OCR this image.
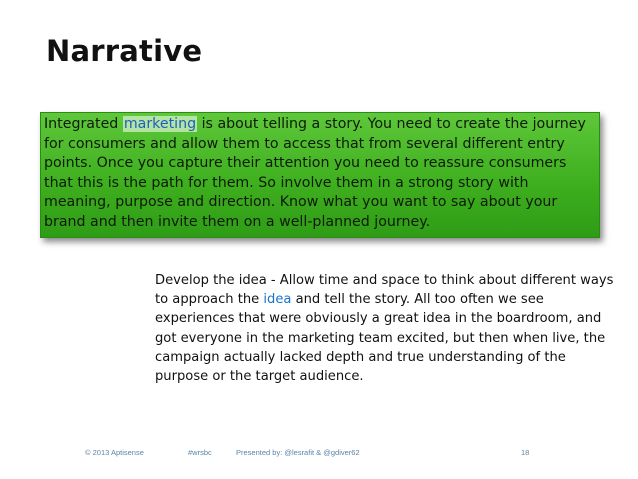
Narrative
Integrated marketing is about telling a story. You need to create the journey for consumers and allow them to access that from several different entry points. Once you capture their attention you need to reassure consumers that this is the path for them. So involve them in a strong story with meaning, purpose and direction. Know what you want to say about your brand and then invite them on a well-planned journey.
Develop the idea - Allow time and space to think about different ways to approach the idea and tell the story. All too often we see experiences that were obviously a great idea in the boardroom, and got everyone in the marketing team excited, but then when live, the campaign actually lacked depth and true understanding of the purpose or the target audience.
© 2013 Aptisense	#wrsbc	Presented by: @lesrafit & @gdiver62	18
